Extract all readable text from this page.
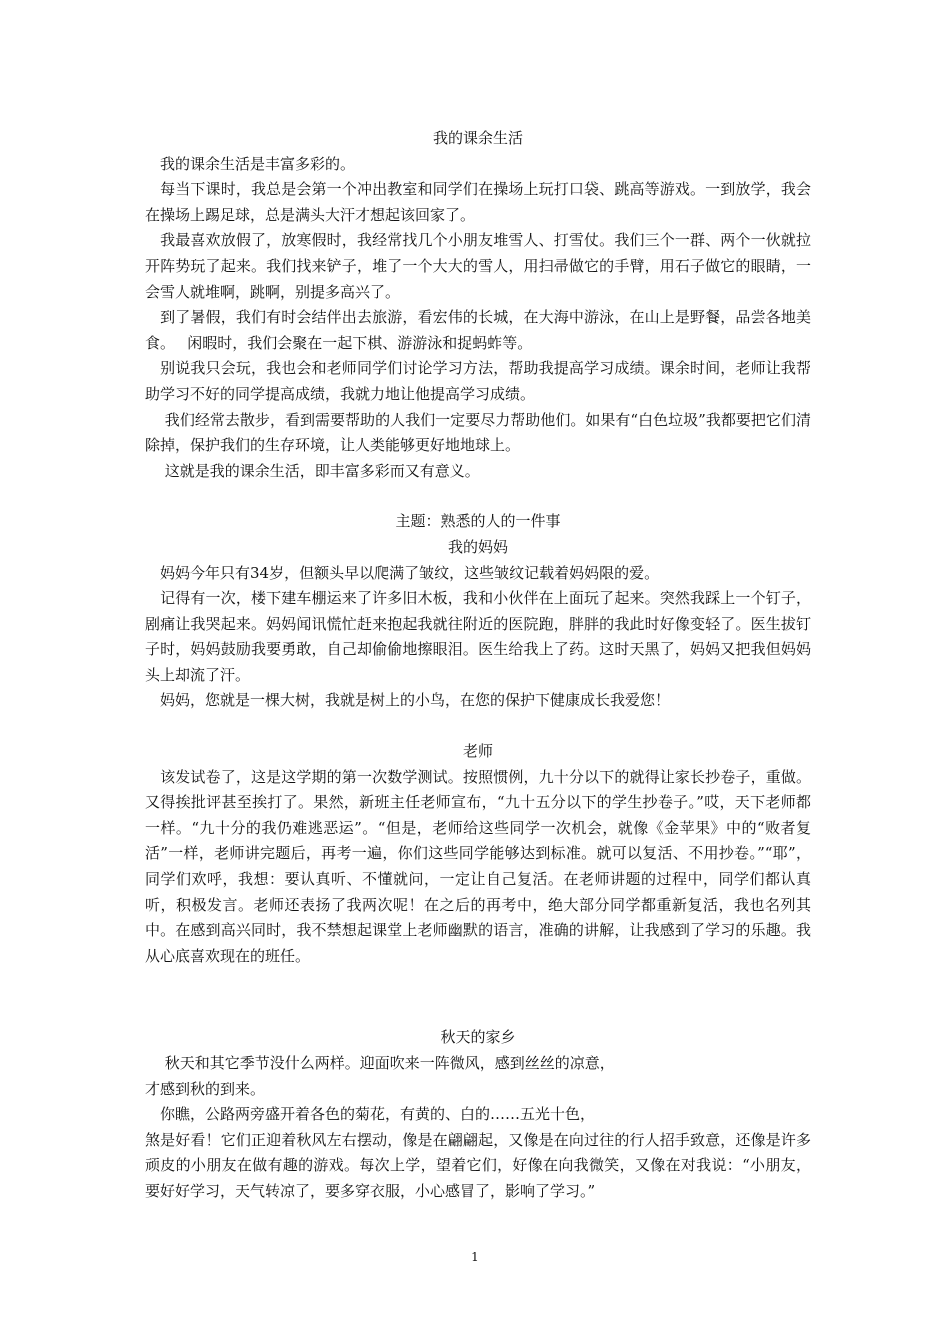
我的课余生活

　我的课余生活是丰富多彩的。

　每当下课时，我总是会第一个冲出教室和同学们在操场上玩打口袋、跳高等游戏。一到放学，我会在操场上踢足球，总是满头大汗才想起该回家了。

　我最喜欢放假了，放寒假时，我经常找几个小朋友堆雪人、打雪仗。我们三个一群、两个一伙就拉开阵势玩了起来。我们找来铲子，堆了一个大大的雪人，用扫帚做它的手臂，用石子做它的眼睛，一会雪人就堆啊，跳啊，别提多高兴了。

　到了暑假，我们有时会结伴出去旅游，看宏伟的长城，在大海中游泳，在山上是野餐，品尝各地美食。　 闲暇时，我们会聚在一起下棋、游游泳和捉蚂蚱等。

　别说我只会玩，我也会和老师同学们讨论学习方法，帮助我提高学习成绩。课余时间，老师让我帮助学习不好的同学提高成绩，我就力地让他提高学习成绩。

　 我们经常去散步，看到需要帮助的人我们一定要尽力帮助他们。如果有“白色垃圾”我都要把它们清除掉，保护我们的生存环境，让人类能够更好地地球上。

　 这就是我的课余生活，即丰富多彩而又有意义。

主题：熟悉的人的一件事

我的妈妈

　妈妈今年只有34岁，但额头早以爬满了皱纹，这些皱纹记载着妈妈限的爱。

　记得有一次，楼下建车棚运来了许多旧木板，我和小伙伴在上面玩了起来。突然我踩上一个钉子，剧痛让我哭起来。妈妈闻讯慌忙赶来抱起我就往附近的医院跑，胖胖的我此时好像变轻了。医生拔钉子时，妈妈鼓励我要勇敢，自己却偷偷地擦眼泪。医生给我上了药。这时天黑了，妈妈又把我但妈妈头上却流了汗。

　妈妈，您就是一棵大树，我就是树上的小鸟，在您的保护下健康成长我爱您！

老师

　该发试卷了，这是这学期的第一次数学测试。按照惯例，九十分以下的就得让家长抄卷子，重做。又得挨批评甚至挨打了。果然，新班主任老师宣布，“九十五分以下的学生抄卷子。”哎，天下老师都一样。“九十分的我仍难逃恶运”。“但是，老师给这些同学一次机会，就像《金苹果》中的“败者复活”一样，老师讲完题后，再考一遍，你们这些同学能够达到标准。就可以复活、不用抄卷。”“耶”，同学们欢呼，我想：要认真听、不懂就问，一定让自己复活。在老师讲题的过程中，同学们都认真听，积极发言。老师还表扬了我两次呢！在之后的再考中，绝大部分同学都重新复活，我也名列其中。在感到高兴同时，我不禁想起课堂上老师幽默的语言，准确的讲解，让我感到了学习的乐趣。我从心底喜欢现在的班任。

秋天的家乡

　 秋天和其它季节没什么两样。迎面吹来一阵微风，感到丝丝的凉意，

才感到秋的到来。

　你瞧，公路两旁盛开着各色的菊花，有黄的、白的……五光十色，

煞是好看！它们正迎着秋风左右摆动，像是在翩翩起，又像是在向过往的行人招手致意，还像是许多顽皮的小朋友在做有趣的游戏。每次上学，望着它们，好像在向我微笑，又像在对我说：“小朋友，要好好学习，天气转凉了，要多穿衣服，小心感冒了，影响了学习。”

1
